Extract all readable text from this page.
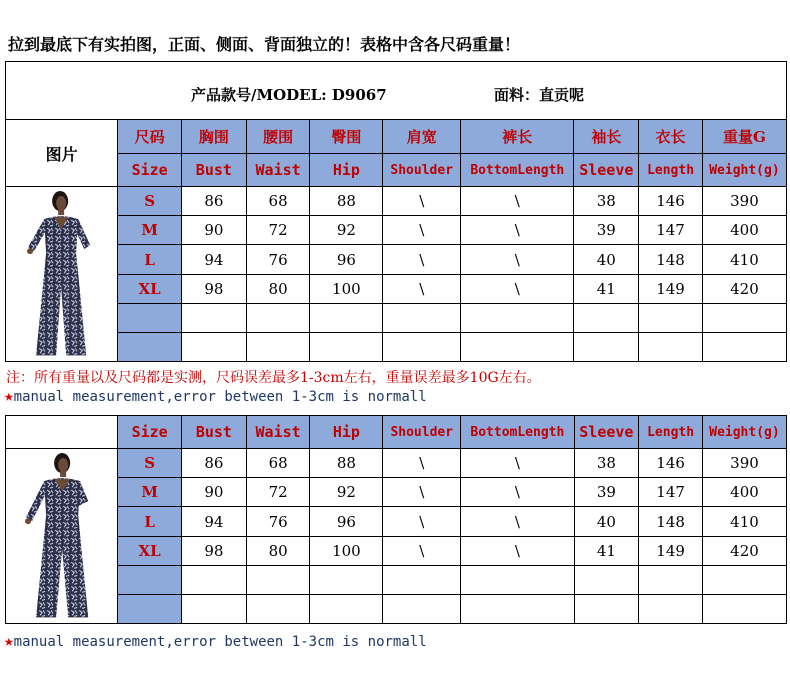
拉到最底下有实拍图，正面、侧面、背面独立的！表格中含各尺码重量！
产品款号/MODEL: D9067 面料：直贡呢									

图片	尺码	胸围	腰围	臀围	肩宽	裤长	袖长	衣长	重量G
	Size	Bust	Waist	Hip	Shoulder	BottomLength	Sleeve	Length	Weight(g)

	S	86	68	88	\	\	38	146	390
	M	90	72	92	\	\	39	147	400
	L	94	76	96	\	\	40	148	410
	XL	98	80	100	\	\	41	149	420

注：所有重量以及尺码都是实测，尺码误差最多1-3cm左右，重量误差最多10G左右。
★manual measurement,error between 1-3cm is normall
	Size	Bust	Waist	Hip	Shoulder	BottomLength	Sleeve	Length	Weight(g)

	S	86	68	88	\	\	38	146	390
	M	90	72	92	\	\	39	147	400
	L	94	76	96	\	\	40	148	410
	XL	98	80	100	\	\	41	149	420

★manual measurement,error between 1-3cm is normall
